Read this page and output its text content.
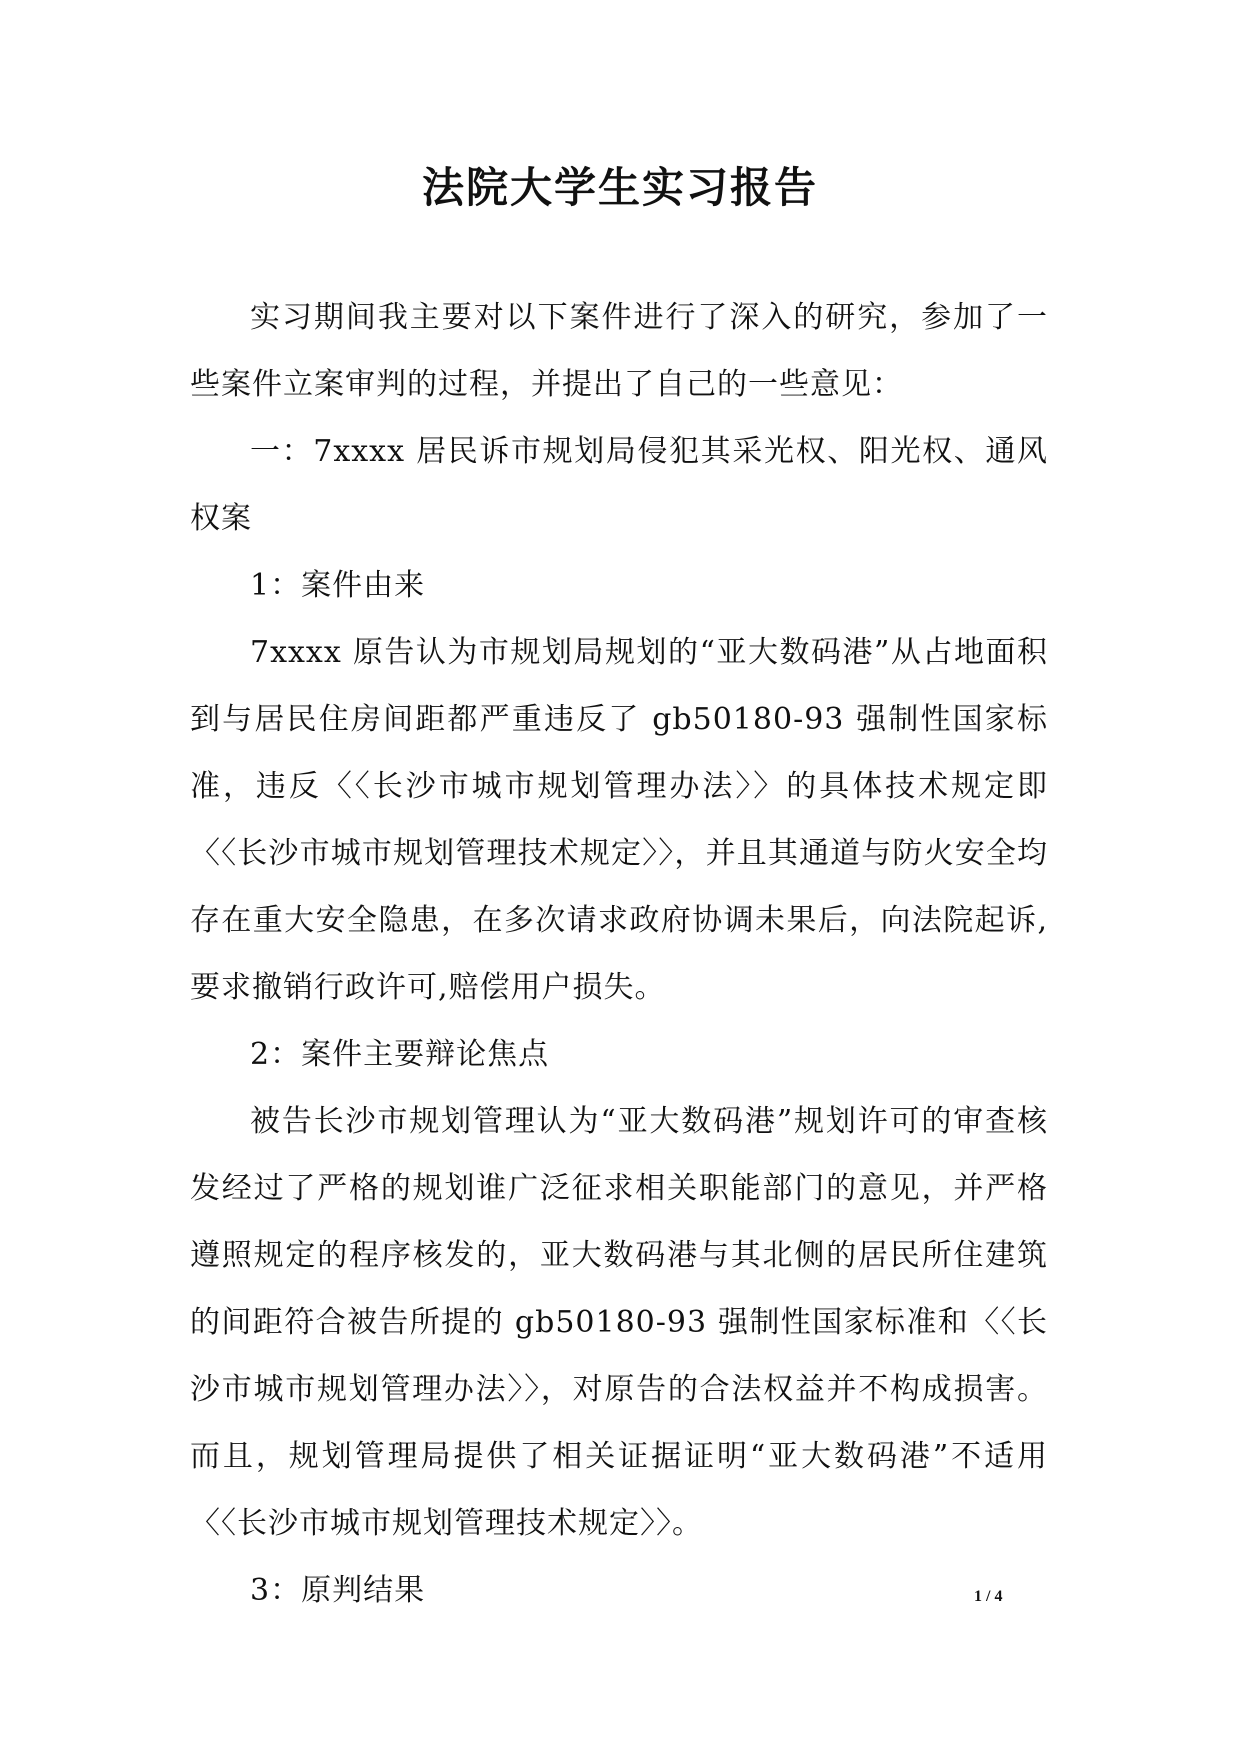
法院大学生实习报告

实习期间我主要对以下案件进行了深入的研究，参加了一些案件立案审判的过程，并提出了自己的一些意见：

一：7xxxx 居民诉市规划局侵犯其采光权、阳光权、通风权案

1：案件由来

7xxxx 原告认为市规划局规划的“亚大数码港”从占地面积到与居民住房间距都严重违反了 gb50180-93 强制性国家标准，违反〈〈长沙市城市规划管理办法〉〉的具体技术规定即〈〈长沙市城市规划管理技术规定〉〉，并且其通道与防火安全均存在重大安全隐患，在多次请求政府协调未果后，向法院起诉,要求撤销行政许可,赔偿用户损失。

2：案件主要辩论焦点

被告长沙市规划管理认为“亚大数码港”规划许可的审查核发经过了严格的规划谁广泛征求相关职能部门的意见，并严格遵照规定的程序核发的，亚大数码港与其北侧的居民所住建筑的间距符合被告所提的 gb50180-93 强制性国家标准和〈〈长沙市城市规划管理办法〉〉，对原告的合法权益并不构成损害。而且，规划管理局提供了相关证据证明“亚大数码港”不适用〈〈长沙市城市规划管理技术规定〉〉。

3：原判结果	1 / 4
